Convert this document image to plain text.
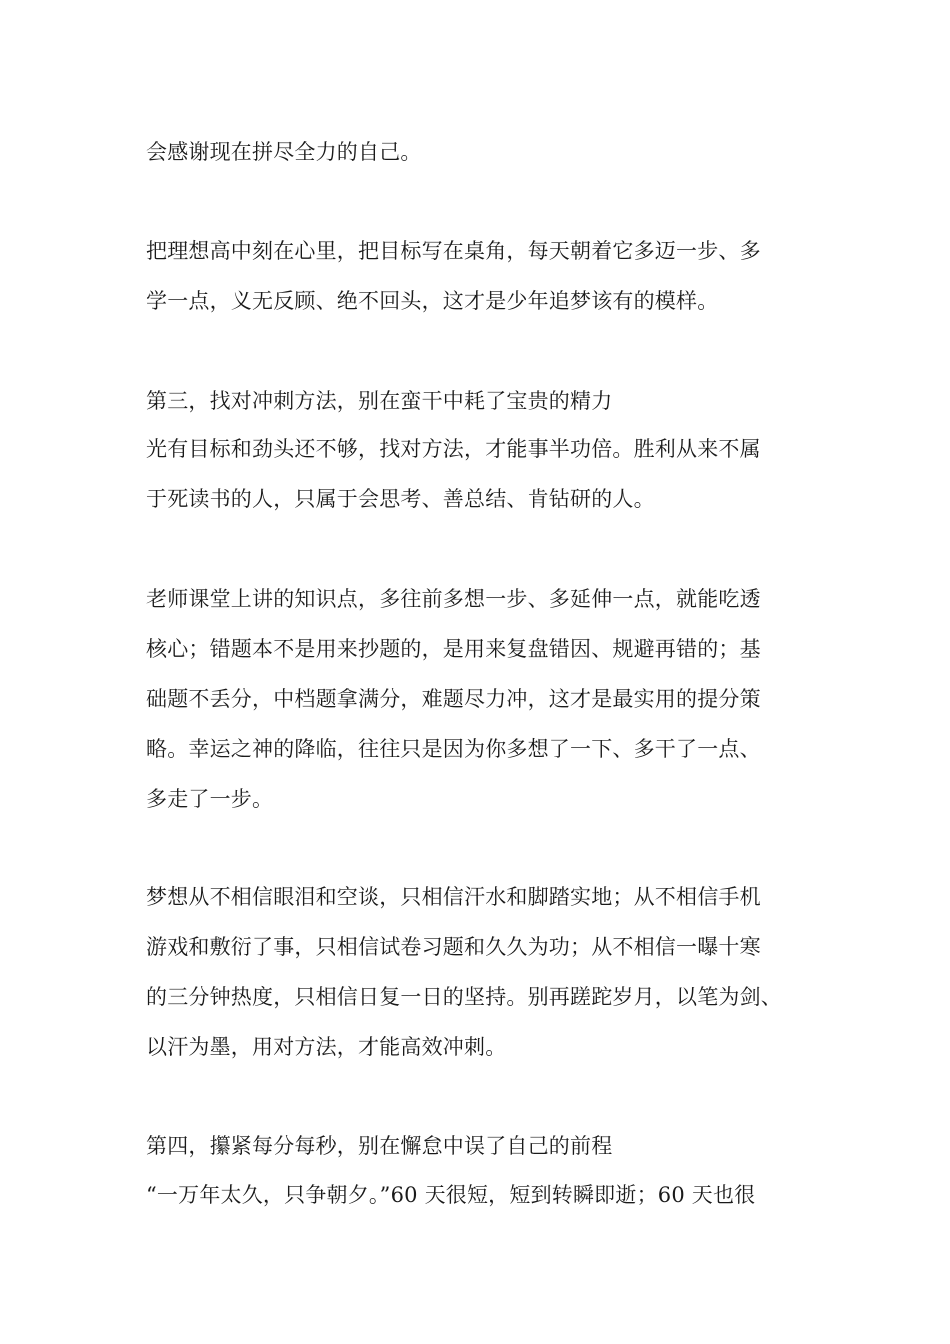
会感谢现在拼尽全力的自己。

把理想高中刻在心里，把目标写在桌角，每天朝着它多迈一步、多

学一点，义无反顾、绝不回头，这才是少年追梦该有的模样。

第三，找对冲刺方法，别在蛮干中耗了宝贵的精力

光有目标和劲头还不够，找对方法，才能事半功倍。胜利从来不属

于死读书的人，只属于会思考、善总结、肯钻研的人。

老师课堂上讲的知识点，多往前多想一步、多延伸一点，就能吃透

核心；错题本不是用来抄题的，是用来复盘错因、规避再错的；基

础题不丢分，中档题拿满分，难题尽力冲，这才是最实用的提分策

略。幸运之神的降临，往往只是因为你多想了一下、多干了一点、

多走了一步。

梦想从不相信眼泪和空谈，只相信汗水和脚踏实地；从不相信手机

游戏和敷衍了事，只相信试卷习题和久久为功；从不相信一曝十寒

的三分钟热度，只相信日复一日的坚持。别再蹉跎岁月，以笔为剑、

以汗为墨，用对方法，才能高效冲刺。

第四，攥紧每分每秒，别在懈怠中误了自己的前程

“一万年太久，只争朝夕。”60 天很短，短到转瞬即逝；60 天也很
